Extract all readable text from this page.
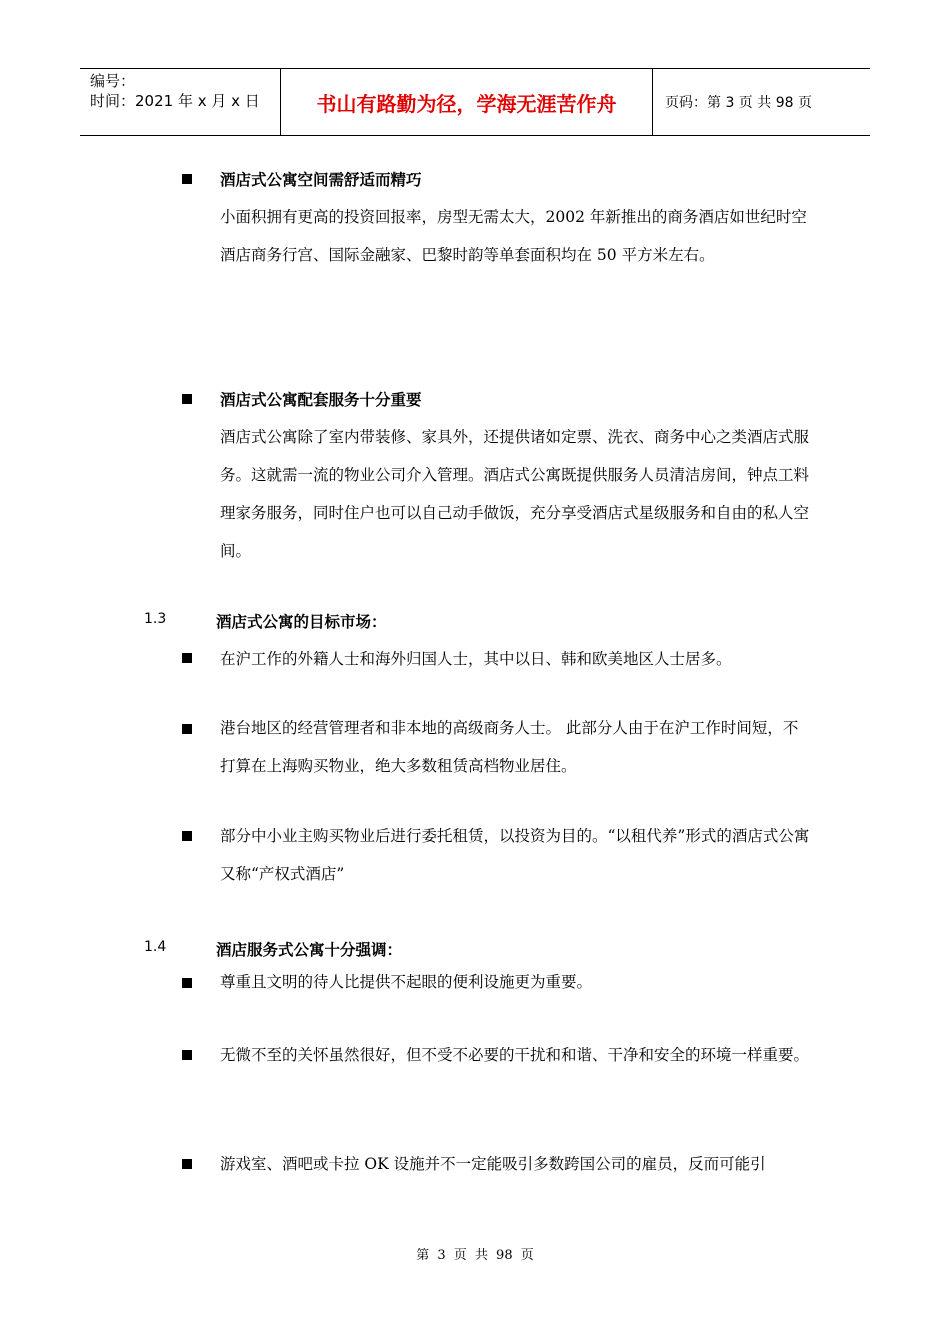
编号：
时间：2021 年 x 月 x 日	书山有路勤为径，学海无涯苦作舟	页码：第 3 页 共 98 页
酒店式公寓空间需舒适而精巧
小面积拥有更高的投资回报率，房型无需太大，2002 年新推出的商务酒店如世纪时空酒店商务行宫、国际金融家、巴黎时韵等单套面积均在 50 平方米左右。
酒店式公寓配套服务十分重要
酒店式公寓除了室内带装修、家具外，还提供诸如定票、洗衣、商务中心之类酒店式服务。这就需一流的物业公司介入管理。酒店式公寓既提供服务人员清洁房间，钟点工料理家务服务，同时住户也可以自己动手做饭，充分享受酒店式星级服务和自由的私人空间。
1.3	酒店式公寓的目标市场：
在沪工作的外籍人士和海外归国人士，其中以日、韩和欧美地区人士居多。
港台地区的经营管理者和非本地的高级商务人士。 此部分人由于在沪工作时间短，不打算在上海购买物业，绝大多数租赁高档物业居住。
部分中小业主购买物业后进行委托租赁，以投资为目的。“以租代养”形式的酒店式公寓又称“产权式酒店”
1.4	酒店服务式公寓十分强调：
尊重且文明的待人比提供不起眼的便利设施更为重要。
无微不至的关怀虽然很好，但不受不必要的干扰和和谐、干净和安全的环境一样重要。
游戏室、酒吧或卡拉 OK 设施并不一定能吸引多数跨国公司的雇员，反而可能引
第 3 页 共 98 页
